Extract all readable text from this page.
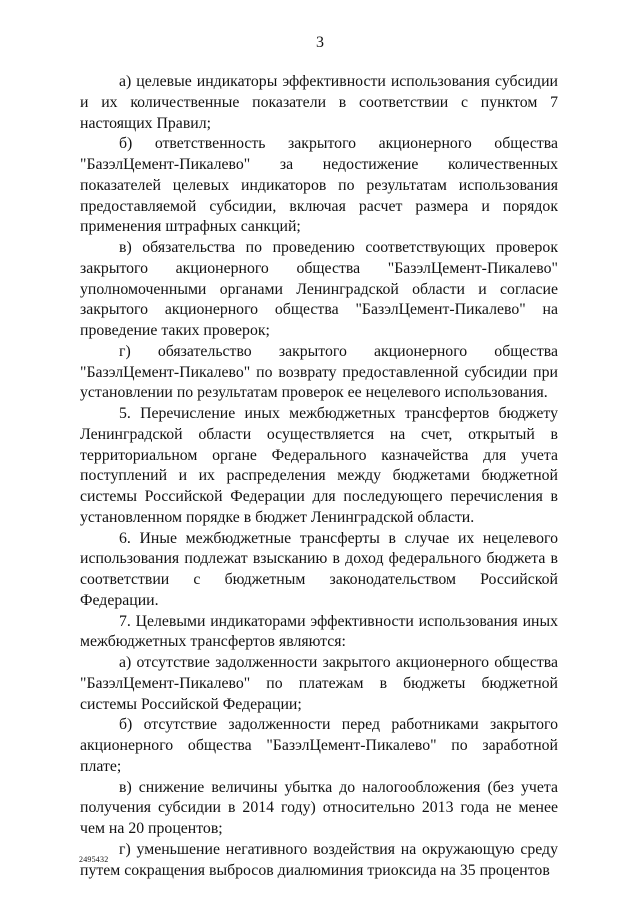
3

а) целевые индикаторы эффективности использования субсидии и их количественные показатели в соответствии с пунктом 7 настоящих Правил;

б) ответственность закрытого акционерного общества "БазэлЦемент-Пикалево" за недостижение количественных показателей целевых индикаторов по результатам использования предоставляемой субсидии, включая расчет размера и порядок применения штрафных санкций;

в) обязательства по проведению соответствующих проверок закрытого акционерного общества "БазэлЦемент-Пикалево" уполномоченными органами Ленинградской области и согласие закрытого акционерного общества "БазэлЦемент-Пикалево" на проведение таких проверок;

г) обязательство закрытого акционерного общества "БазэлЦемент-Пикалево" по возврату предоставленной субсидии при установлении по результатам проверок ее нецелевого использования.

5. Перечисление иных межбюджетных трансфертов бюджету Ленинградской области осуществляется на счет, открытый в территориальном органе Федерального казначейства для учета поступлений и их распределения между бюджетами бюджетной системы Российской Федерации для последующего перечисления в установленном порядке в бюджет Ленинградской области.

6. Иные межбюджетные трансферты в случае их нецелевого использования подлежат взысканию в доход федерального бюджета в соответствии с бюджетным законодательством Российской Федерации.

7. Целевыми индикаторами эффективности использования иных межбюджетных трансфертов являются:

а) отсутствие задолженности закрытого акционерного общества "БазэлЦемент-Пикалево" по платежам в бюджеты бюджетной системы Российской Федерации;

б) отсутствие задолженности перед работниками закрытого акционерного общества "БазэлЦемент-Пикалево" по заработной плате;

в) снижение величины убытка до налогообложения (без учета получения субсидии в 2014 году) относительно 2013 года не менее чем на 20 процентов;

г) уменьшение негативного воздействия на окружающую среду путем сокращения выбросов диалюминия триоксида на 35 процентов

2495432
